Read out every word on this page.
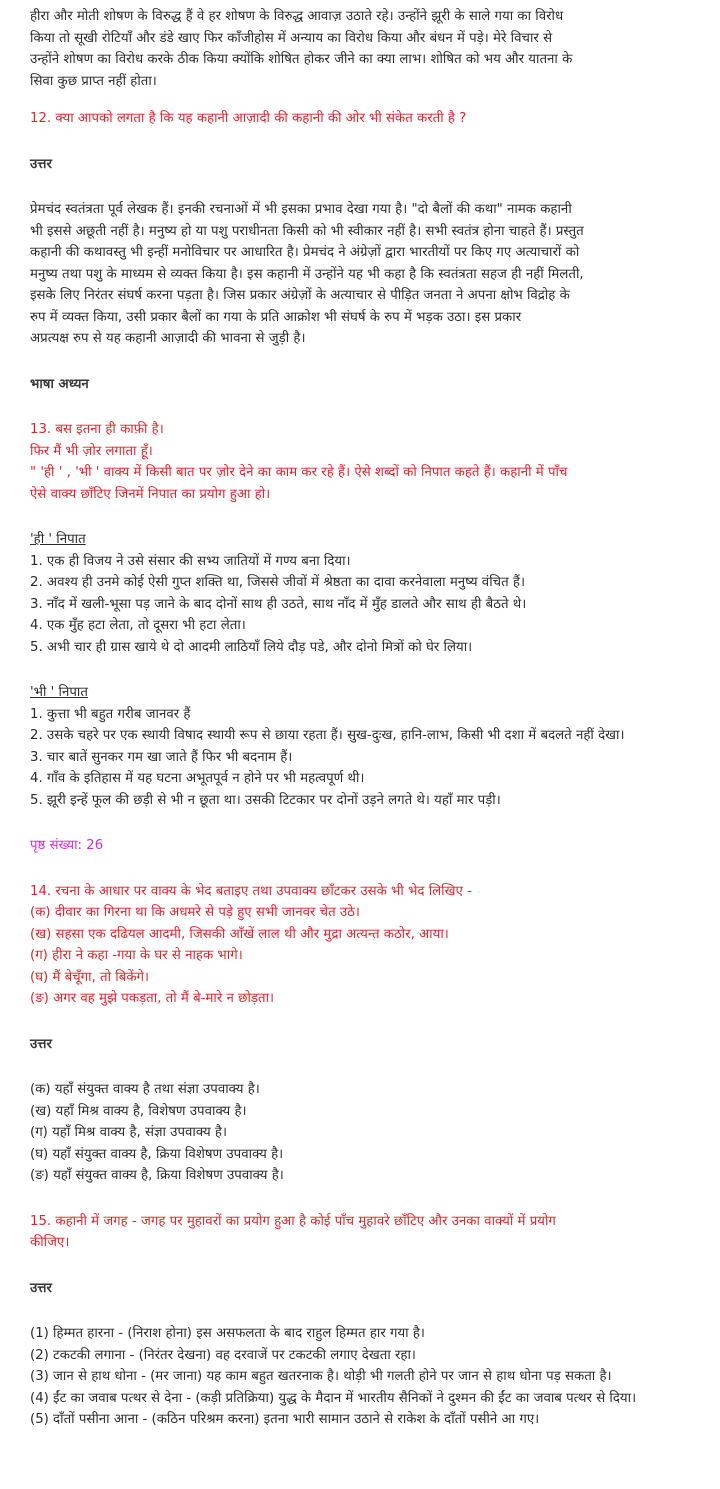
हीरा और मोती शोषण के विरुद्ध हैं वे हर शोषण के विरुद्ध आवाज़ उठाते रहे। उन्होंने झूरी के साले गया का विरोध
किया तो सूखी रोटियाँ और डंडे खाए फिर काँजीहोस में अन्याय का विरोध किया और बंधन में पड़े। मेरे विचार से
उन्होंने शोषण का विरोध करके ठीक किया क्योंकि शोषित होकर जीने का क्या लाभ। शोषित को भय और यातना के
सिवा कुछ प्राप्त नहीं होता।

12. क्या आपको लगता है कि यह कहानी आज़ादी की कहानी की ओर भी संकेत करती है ?

उत्तर

प्रेमचंद स्वतंत्रता पूर्व लेखक हैं। इनकी रचनाओं में भी इसका प्रभाव देखा गया है। "दो बैलों की कथा" नामक कहानी
भी इससे अछूती नहीं है। मनुष्य हो या पशु पराधीनता किसी को भी स्वीकार नहीं है। सभी स्वतंत्र होना चाहते हैं। प्रस्तुत
कहानी की कथावस्तु भी इन्हीं मनोविचार पर आधारित है। प्रेमचंद ने अंग्रेज़ों द्वारा भारतीयों पर किए गए अत्याचारों को
मनुष्य तथा पशु के माध्यम से व्यक्त किया है। इस कहानी में उन्होंने यह भी कहा है कि स्वतंत्रता सहज ही नहीं मिलती,
इसके लिए निरंतर संघर्ष करना पड़ता है। जिस प्रकार अंग्रेज़ों के अत्याचार से पीड़ित जनता ने अपना क्षोभ विद्रोह के
रुप में व्यक्त किया, उसी प्रकार बैलों का गया के प्रति आक्रोश भी संघर्ष के रुप में भड़क उठा। इस प्रकार
अप्रत्यक्ष रुप से यह कहानी आज़ादी की भावना से जुड़ी है।

भाषा अध्यन

13. बस इतना ही काफ़ी है।
फिर मैं भी ज़ोर लगाता हूँ।
" 'ही ' , 'भी ' वाक्य में किसी बात पर ज़ोर देने का काम कर रहे हैं। ऐसे शब्दों को निपात कहते हैं। कहानी में पाँच
ऐसे वाक्य छाँटिए जिनमें निपात का प्रयोग हुआ हो।

'ही ' निपात
1. एक ही विजय ने उसे संसार की सभ्य जातियों में गण्य बना दिया।
2. अवश्य ही उनमे कोई ऐसी गुप्त शक्ति था, जिससे जीवों में श्रेष्ठता का दावा करनेवाला मनुष्य वंचित हैं।
3. नाँद में खली-भूसा पड़ जाने के बाद दोनों साथ ही उठते, साथ नाँद में मुँह डालते और साथ ही बैठते थे।
4. एक मुँह हटा लेता, तो दूसरा भी हटा लेता।
5. अभी चार ही ग्रास खाये थे दो आदमी लाठियाँ लिये दौड़ पडे, और दोनो मित्रों को घेर लिया।

'भी ' निपात
1. कुत्ता भी बहुत गरीब जानवर हैं
2. उसके चहरे पर एक स्थायी विषाद स्थायी रूप से छाया रहता हैं। सुख-दुःख, हानि-लाभ, किसी भी दशा में बदलते नहीं देखा।
3. चार बातें सुनकर गम खा जाते हैं फिर भी बदनाम हैं।
4. गाँव के इतिहास में यह घटना अभूतपूर्व न होने पर भी महत्वपूर्ण थी।
5. झूरी इन्हें फूल की छड़ी से भी न छूता था। उसकी टिटकार पर दोनों उड़ने लगते थे। यहाँ मार पड़ी।

पृष्ठ संख्या: 26

14. रचना के आधार पर वाक्य के भेद बताइए तथा उपवाक्य छाँटकर उसके भी भेद लिखिए -
(क) दीवार का गिरना था कि अधमरे से पड़े हुए सभी जानवर चेत उठे।
(ख) सहसा एक दढियल आदमी, जिसकी आँखें लाल थी और मुद्रा अत्यन्त कठोर, आया।
(ग) हीरा ने कहा -गया के घर से नाहक भागे।
(घ) मैं बेचूँगा, तो बिकेंगे।
(ङ) अगर वह मुझे पकड़ता, तो मैं बे-मारे न छोड़ता।

उत्तर

(क) यहाँ संयुक्त वाक्य है तथा संज्ञा उपवाक्य है।
(ख) यहाँ मिश्र वाक्य है, विशेषण उपवाक्य है।
(ग) यहाँ मिश्र वाक्य है, संज्ञा उपवाक्य है।
(घ) यहाँ संयुक्त वाक्य है, क्रिया विशेषण उपवाक्य है।
(ङ) यहाँ संयुक्त वाक्य है, क्रिया विशेषण उपवाक्य है।

15. कहानी में जगह - जगह पर मुहावरों का प्रयोग हुआ है कोई पाँच मुहावरे छाँटिए और उनका वाक्यों में प्रयोग
कीजिए।

उत्तर

(1) हिम्मत हारना - (निराश होना) इस असफलता के बाद राहुल हिम्मत हार गया है।
(2) टकटकी लगाना - (निरंतर देखना) वह दरवाजें पर टकटकी लगाए देखता रहा।
(3) जान से हाथ धोना - (मर जाना) यह काम बहुत खतरनाक है। थोड़ी भी गलती होने पर जान से हाथ धोना पड़ सकता है।
(4) ईंट का जवाब पत्थर से देना - (कड़ी प्रतिक्रिया) युद्ध के मैदान में भारतीय सैनिकों ने दुश्मन की ईंट का जवाब पत्थर से दिया।
(5) दाँतों पसीना आना - (कठिन परिश्रम करना) इतना भारी सामान उठाने से राकेश के दाँतों पसीने आ गए।
